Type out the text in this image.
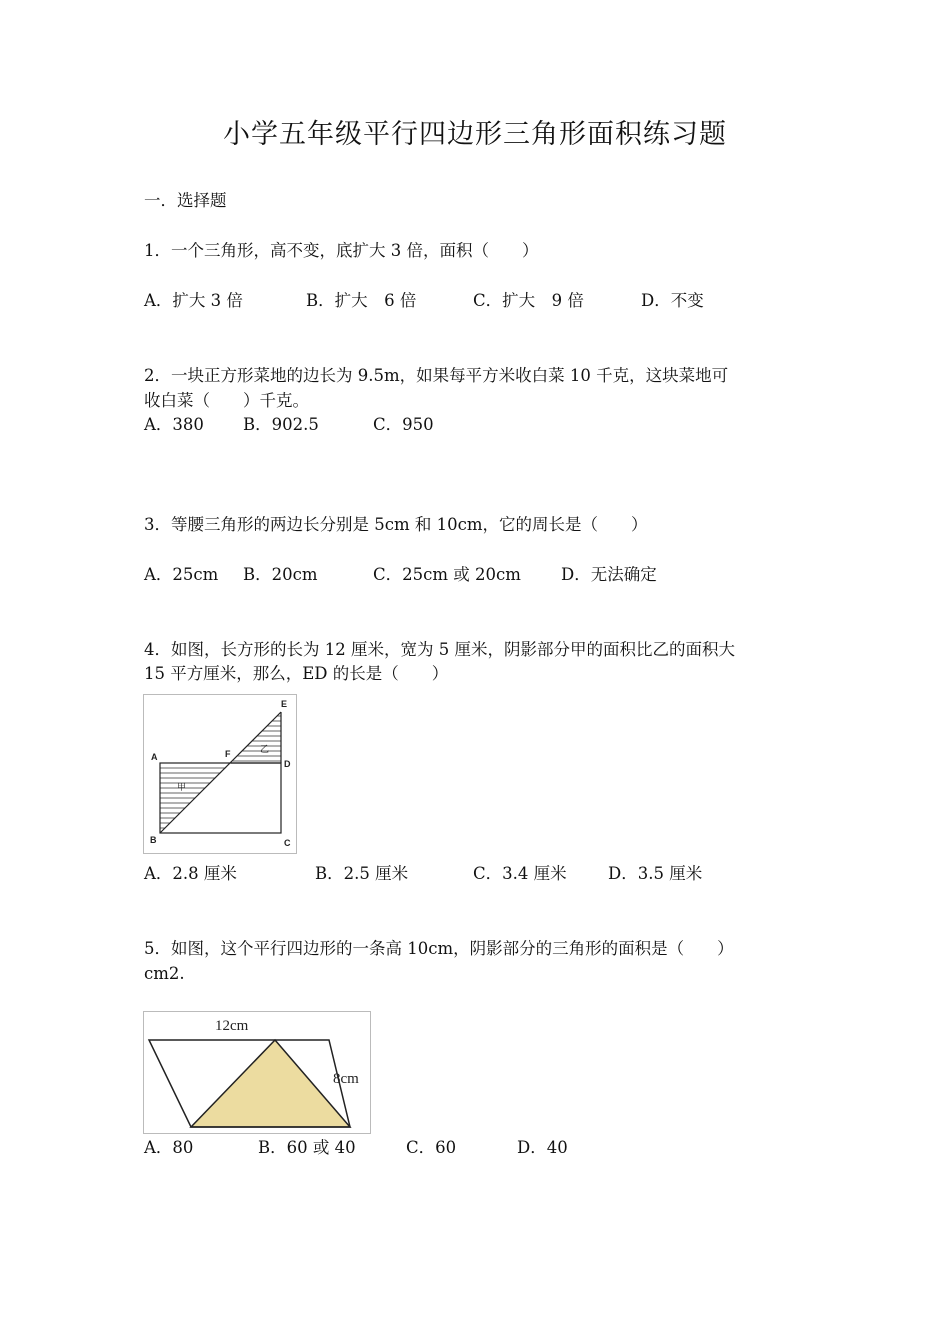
小学五年级平行四边形三角形面积练习题
一．选择题
1．一个三角形，高不变，底扩大 3 倍，面积（　　）
A．扩大 3 倍	B．扩大　6 倍	C．扩大　9 倍	D．不变
2．一块正方形菜地的边长为 9.5m，如果每平方米收白菜 10 千克，这块菜地可
收白菜（　　）千克。
A．380 B．902.5	C．950
3．等腰三角形的两边长分别是 5cm 和 10cm，它的周长是（　　）
A．25cm B．20cm	C．25cm 或 20cm D．无法确定
4．如图，长方形的长为 12 厘米，宽为 5 厘米，阴影部分甲的面积比乙的面积大
15 平方厘米，那么，ED 的长是（　　）
A
B	C
D
E
F
甲
乙
A．2.8 厘米	B．2.5 厘米	C．3.4 厘米	D．3.5 厘米
5．如图，这个平行四边形的一条高 10cm，阴影部分的三角形的面积是（　　）
cm2.
12cm
8cm
A．80	B．60 或 40	C．60	D．40
